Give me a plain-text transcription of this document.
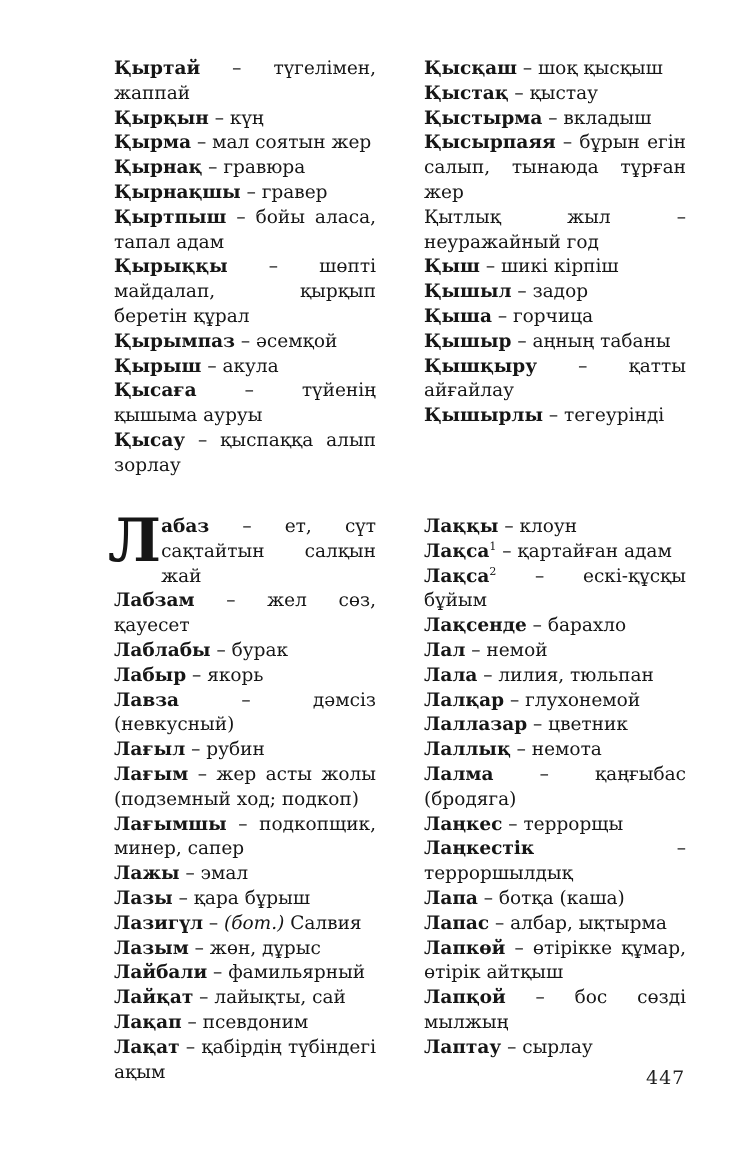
Қыртай – түгелімен, жаппай

Қырқын – күң

Қырма – мал соятын жер

Қырнақ – гравюра

Қырнақшы – гравер

Қыртпыш – бойы аласа, тапал адам

Қырыққы – шөпті майдалап, қырқып беретін құрал

Қырымпаз – әсемқой

Қырыш – акула

Қысаға – түйенің қышыма ауруы

Қысау – қыспаққа алып зорлау

Қысқаш – шоқ қысқыш

Қыстақ – қыстау

Қыстырма – вкладыш

Қысырпаяя – бұрын егін салып, тынаюда тұрған жер

Қытлық жыл – неуражайный год

Қыш – шикі кірпіш

Қышыл – задор

Қыша – горчица

Қышыр – аңның табаны

Қышқыру – қатты айғайлау

Қышырлы – тегеурінді

Лабаз – ет, сүт сақтайтын салқын жай

Лабзам – жел сөз, қауесет

Лаблабы – бурак

Лабыр – якорь

Лавза – дәмсіз (невкусный)

Лағыл – рубин

Лағым – жер асты жолы (подземный ход; подкоп)

Лағымшы – подкопщик, минер, сапер

Лажы – эмал

Лазы – қара бұрыш

Лазигүл – (бот.) Салвия

Лазым – жөн, дұрыс

Лайбали – фамильярный

Лайқат – лайықты, сай

Лақап – псевдоним

Лақат – қабірдің түбіндегі ақым

Лаққы – клоун

Лақса$^1$ – қартайған адам

Лақса$^2$ – ескі-құсқы бұйым

Лақсенде – барахло

Лал – немой

Лала – лилия, тюльпан

Лалқар – глухонемой

Лаллазар – цветник

Лаллық – немота

Лалма – қаңғыбас (бродяга)

Лаңкес – террорщы

Лаңкестік – терроршылдық

Лапа – ботқа (каша)

Лапас – албар, ықтырма

Лапкөй – өтірікке құмар, өтірік айтқыш

Лапқой – бос сөзді мылжың

Лаптау – сырлау

447
